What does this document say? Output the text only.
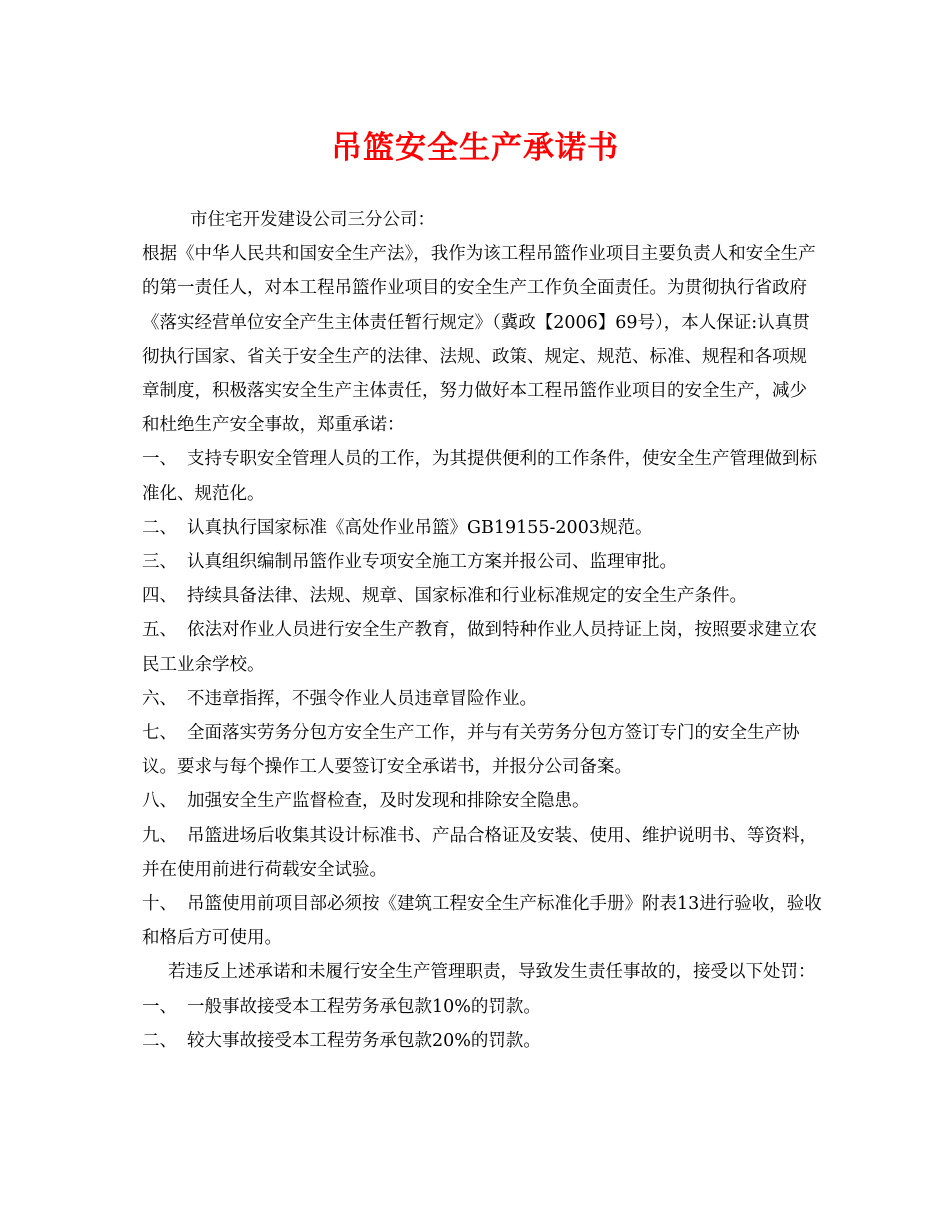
吊篮安全生产承诺书

市住宅开发建设公司三分公司：

根据《中华人民共和国安全生产法》，我作为该工程吊篮作业项目主要负责人和安全生产的第一责任人，对本工程吊篮作业项目的安全生产工作负全面责任。为贯彻执行省政府《落实经营单位安全产生主体责任暂行规定》（冀政【2006】69号），本人保证:认真贯彻执行国家、省关于安全生产的法律、法规、政策、规定、规范、标准、规程和各项规章制度，积极落实安全生产主体责任，努力做好本工程吊篮作业项目的安全生产，减少和杜绝生产安全事故，郑重承诺：

一、 支持专职安全管理人员的工作，为其提供便利的工作条件，使安全生产管理做到标准化、规范化。

二、 认真执行国家标准《高处作业吊篮》GB19155-2003规范。

三、 认真组织编制吊篮作业专项安全施工方案并报公司、监理审批。

四、 持续具备法律、法规、规章、国家标准和行业标准规定的安全生产条件。

五、 依法对作业人员进行安全生产教育，做到特种作业人员持证上岗，按照要求建立农民工业余学校。

六、 不违章指挥，不强令作业人员违章冒险作业。

七、 全面落实劳务分包方安全生产工作，并与有关劳务分包方签订专门的安全生产协议。要求与每个操作工人要签订安全承诺书，并报分公司备案。

八、 加强安全生产监督检查，及时发现和排除安全隐患。

九、 吊篮进场后收集其设计标准书、产品合格证及安装、使用、维护说明书、等资料，并在使用前进行荷载安全试验。

十、 吊篮使用前项目部必须按《建筑工程安全生产标准化手册》附表13进行验收，验收和格后方可使用。

若违反上述承诺和未履行安全生产管理职责，导致发生责任事故的，接受以下处罚：

一、 一般事故接受本工程劳务承包款10%的罚款。

二、 较大事故接受本工程劳务承包款20%的罚款。
